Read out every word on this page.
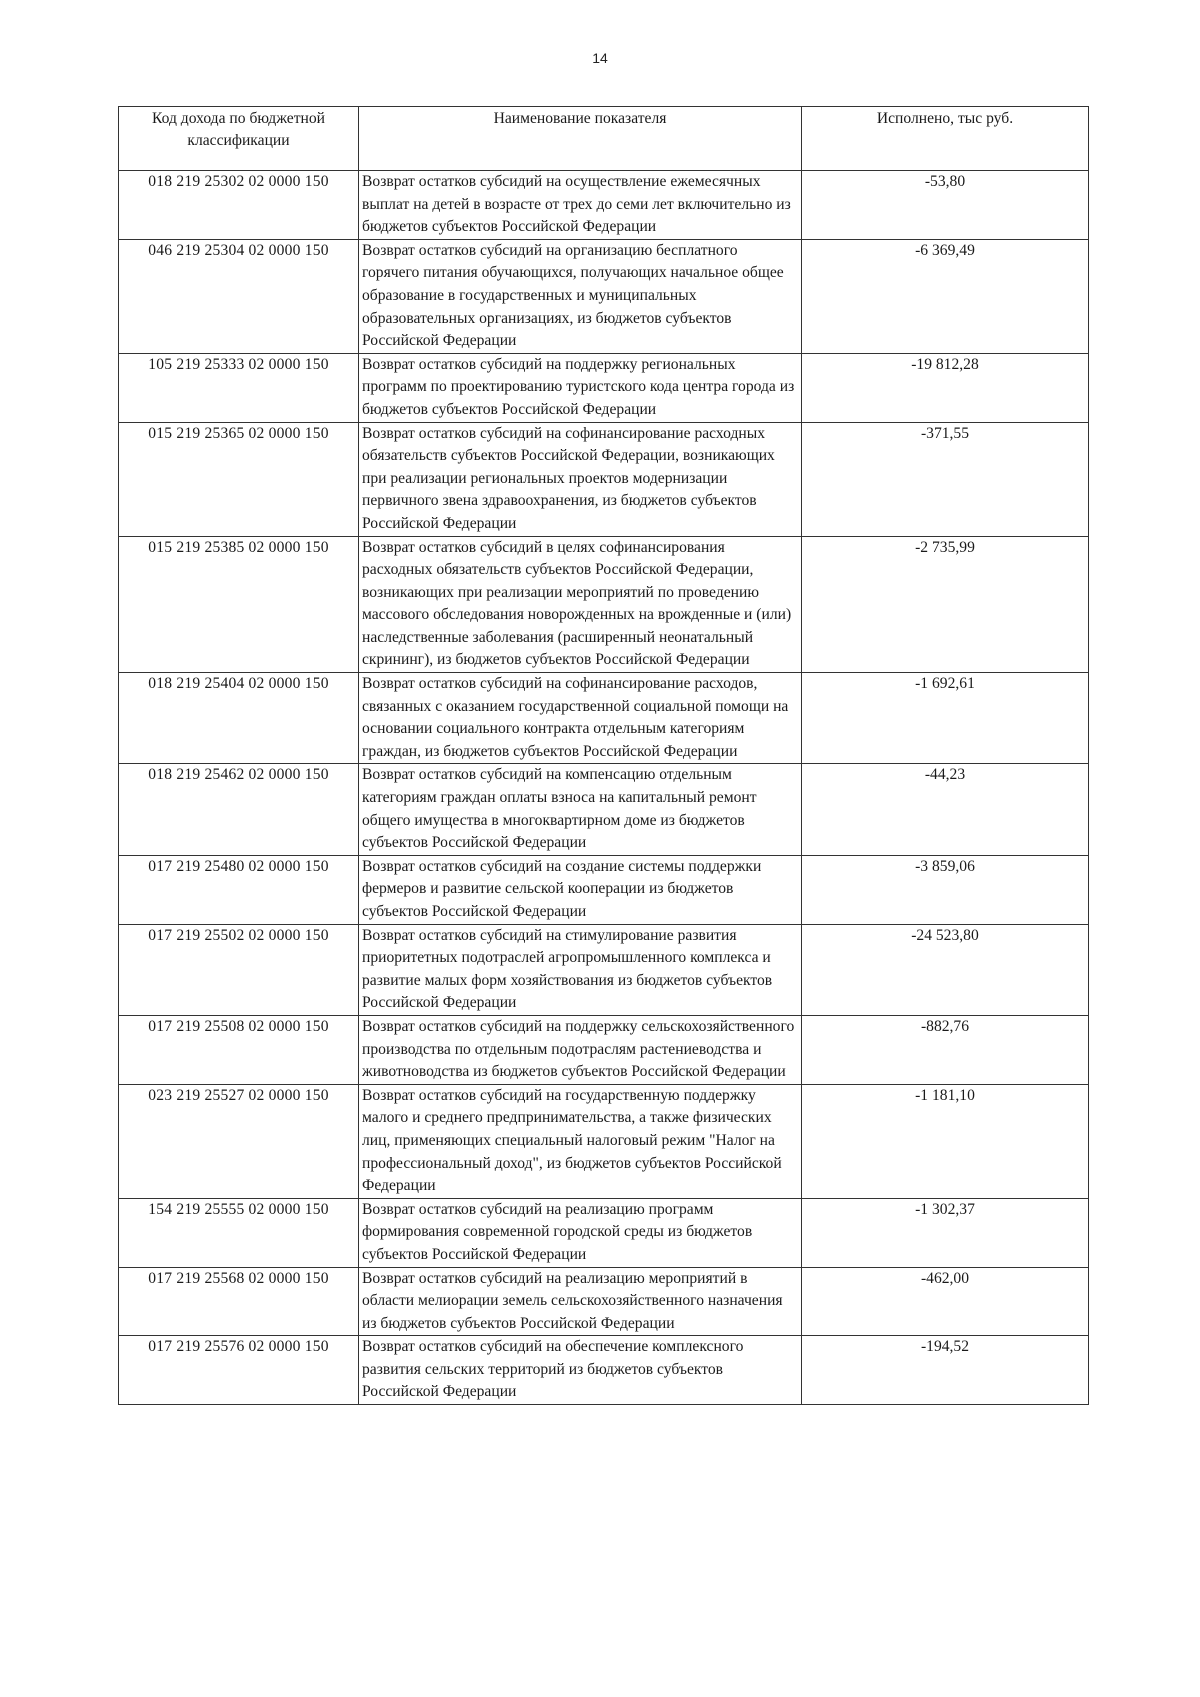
14
Код дохода по бюджетной классификации	Наименование показателя	Исполнено, тыс руб.
018 219 25302 02 0000 150	Возврат остатков субсидий на осуществление ежемесячных выплат на детей в возрасте от трех до семи лет включительно из бюджетов субъектов Российской Федерации	-53,80
046 219 25304 02 0000 150	Возврат остатков субсидий на организацию бесплатного горячего питания обучающихся, получающих начальное общее образование в государственных и муниципальных образовательных организациях, из бюджетов субъектов Российской Федерации	-6 369,49
105 219 25333 02 0000 150	Возврат остатков субсидий на поддержку региональных программ по проектированию туристского кода центра города из бюджетов субъектов Российской Федерации	-19 812,28
015 219 25365 02 0000 150	Возврат остатков субсидий на софинансирование расходных обязательств субъектов Российской Федерации, возникающих при реализации региональных проектов модернизации первичного звена здравоохранения, из бюджетов субъектов Российской Федерации	-371,55
015 219 25385 02 0000 150	Возврат остатков субсидий в целях софинансирования расходных обязательств субъектов Российской Федерации, возникающих при реализации мероприятий по проведению массового обследования новорожденных на врожденные и (или) наследственные заболевания (расширенный неонатальный скрининг), из бюджетов субъектов Российской Федерации	-2 735,99
018 219 25404 02 0000 150	Возврат остатков субсидий на софинансирование расходов, связанных с оказанием государственной социальной помощи на основании социального контракта отдельным категориям граждан, из бюджетов субъектов Российской Федерации	-1 692,61
018 219 25462 02 0000 150	Возврат остатков субсидий на компенсацию отдельным категориям граждан оплаты взноса на капитальный ремонт общего имущества в многоквартирном доме из бюджетов субъектов Российской Федерации	-44,23
017 219 25480 02 0000 150	Возврат остатков субсидий на создание системы поддержки фермеров и развитие сельской кооперации из бюджетов субъектов Российской Федерации	-3 859,06
017 219 25502 02 0000 150	Возврат остатков субсидий на стимулирование развития приоритетных подотраслей агропромышленного комплекса и развитие малых форм хозяйствования из бюджетов субъектов Российской Федерации	-24 523,80
017 219 25508 02 0000 150	Возврат остатков субсидий на поддержку сельскохозяйственного производства по отдельным подотраслям растениеводства и животноводства из бюджетов субъектов Российской Федерации	-882,76
023 219 25527 02 0000 150	Возврат остатков субсидий на государственную поддержку малого и среднего предпринимательства, а также физических лиц, применяющих специальный налоговый режим "Налог на профессиональный доход", из бюджетов субъектов Российской Федерации	-1 181,10
154 219 25555 02 0000 150	Возврат остатков субсидий на реализацию программ формирования современной городской среды из бюджетов субъектов Российской Федерации	-1 302,37
017 219 25568 02 0000 150	Возврат остатков субсидий на реализацию мероприятий в области мелиорации земель сельскохозяйственного назначения из бюджетов субъектов Российской Федерации	-462,00
017 219 25576 02 0000 150	Возврат остатков субсидий на обеспечение комплексного развития сельских территорий из бюджетов субъектов Российской Федерации	-194,52
